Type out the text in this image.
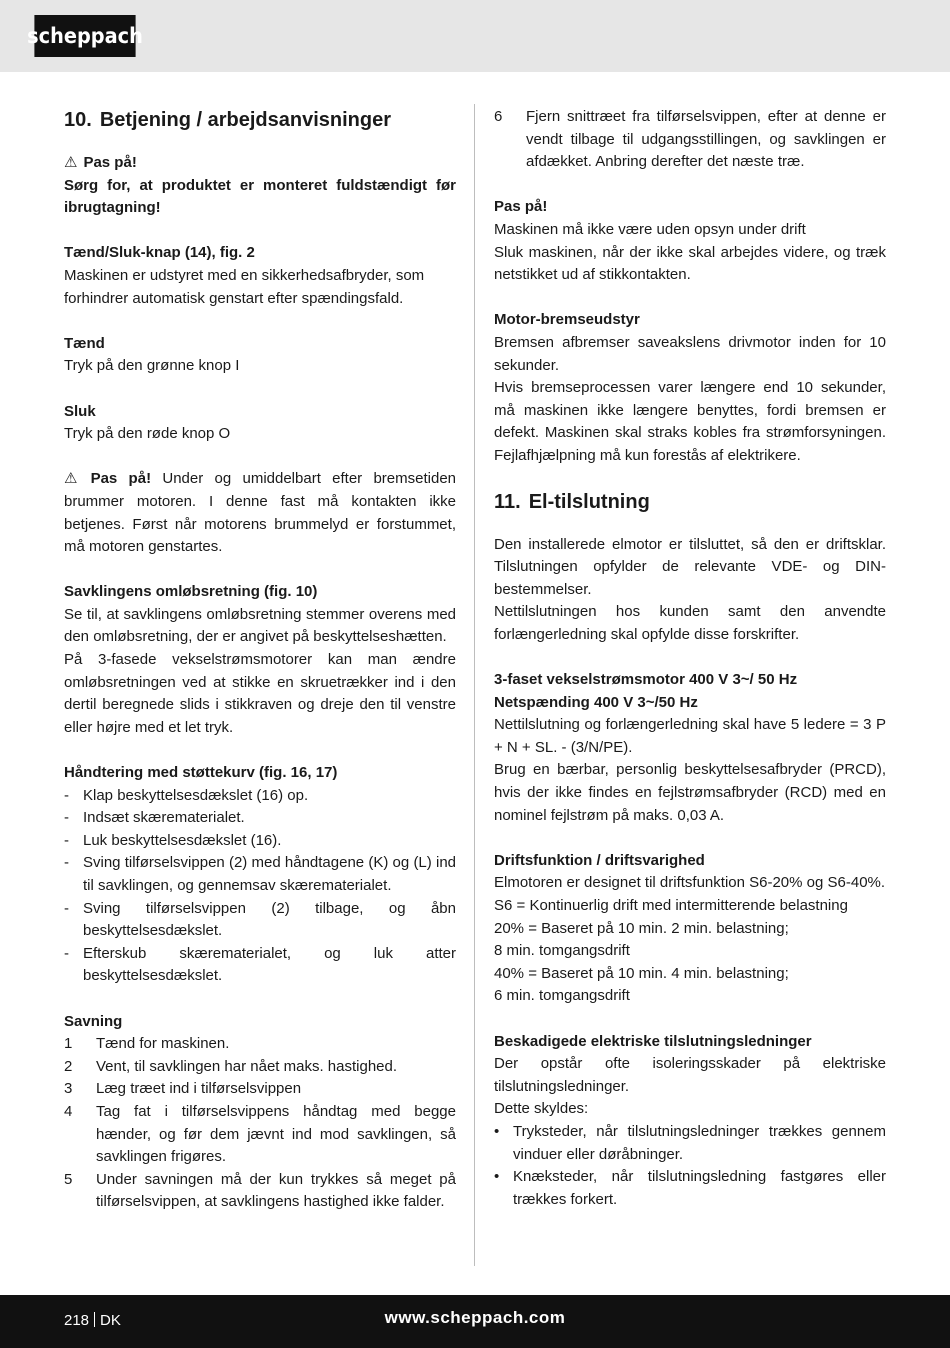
scheppach
10. Betjening / arbejdsanvisninger

⚠ Pas på!

Sørg for, at produktet er monteret fuldstændigt før ibrugtagning!

Tænd/Sluk-knap (14), fig. 2

Maskinen er udstyret med en sikkerhedsafbryder, som forhindrer automatisk genstart efter spændingsfald.

Tænd

Tryk på den grønne knop I

Sluk

Tryk på den røde knop O

⚠ Pas på! Under og umiddelbart efter bremsetiden brummer motoren. I denne fast må kontakten ikke betjenes. Først når motorens brummelyd er forstummet, må motoren genstartes.

Savklingens omløbsretning (fig. 10)

Se til, at savklingens omløbsretning stemmer overens med den omløbsretning, der er angivet på beskyttelseshætten.

På 3-fasede vekselstrømsmotorer kan man ændre omløbsretningen ved at stikke en skruetrækker ind i den dertil beregnede slids i stikkraven og dreje den til venstre eller højre med et let tryk.

Håndtering med støttekurv (fig. 16, 17)

- Klap beskyttelsesdækslet (16) op.
- Indsæt skærematerialet.
- Luk beskyttelsesdækslet (16).
- Sving tilførselsvippen (2) med håndtagene (K) og (L) ind til savklingen, og gennemsav skærematerialet.
- Sving tilførselsvippen (2) tilbage, og åbn beskyttelsesdækslet.
- Efterskub skærematerialet, og luk atter beskyttelsesdækslet.

Savning

1 Tænd for maskinen.
2 Vent, til savklingen har nået maks. hastighed.
3 Læg træet ind i tilførselsvippen
4 Tag fat i tilførselsvippens håndtag med begge hænder, og før dem jævnt ind mod savklingen, så savklingen frigøres.
5 Under savningen må der kun trykkes så meget på tilførselsvippen, at savklingens hastighed ikke falder.
6 Fjern snittræet fra tilførselsvippen, efter at denne er vendt tilbage til udgangsstillingen, og savklingen er afdækket. Anbring derefter det næste træ.

Pas på!

Maskinen må ikke være uden opsyn under drift

Sluk maskinen, når der ikke skal arbejdes videre, og træk netstikket ud af stikkontakten.

Motor-bremseudstyr

Bremsen afbremser saveakslens drivmotor inden for 10 sekunder.

Hvis bremseprocessen varer længere end 10 sekunder, må maskinen ikke længere benyttes, fordi bremsen er defekt. Maskinen skal straks kobles fra strømforsyningen. Fejlafhjælpning må kun forestås af elektrikere.

11. El-tilslutning

Den installerede elmotor er tilsluttet, så den er driftsklar. Tilslutningen opfylder de relevante VDE- og DIN-bestemmelser.

Nettilslutningen hos kunden samt den anvendte forlængerledning skal opfylde disse forskrifter.

3-faset vekselstrømsmotor 400 V 3~/ 50 Hz

Netspænding 400 V 3~/50 Hz

Nettilslutning og forlængerledning skal have 5 ledere = 3 P + N + SL. - (3/N/PE).

Brug en bærbar, personlig beskyttelsesafbryder (PRCD), hvis der ikke findes en fejlstrømsafbryder (RCD) med en nominel fejlstrøm på maks. 0,03 A.

Driftsfunktion / driftsvarighed

Elmotoren er designet til driftsfunktion S6-20% og S6-40%.

S6 = Kontinuerlig drift med intermitterende belastning

20% = Baseret på 10 min. 2 min. belastning;

8 min. tomgangsdrift

40% = Baseret på 10 min. 4 min. belastning;

6 min. tomgangsdrift

Beskadigede elektriske tilslutningsledninger

Der opstår ofte isoleringsskader på elektriske tilslutningsledninger.

Dette skyldes:

• Tryksteder, når tilslutningsledninger trækkes gennem vinduer eller døråbninger.
• Knæksteder, når tilslutningsledning fastgøres eller trækkes forkert.
218 DK	www.scheppach.com
